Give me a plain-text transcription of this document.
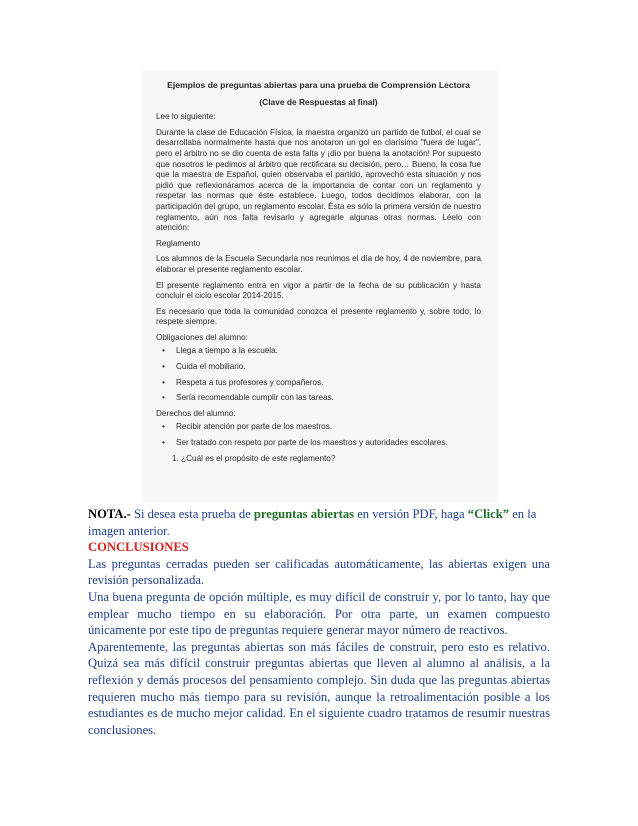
Ejemplos de preguntas abiertas para una prueba de Comprensión Lectora
(Clave de Respuestas al final)

Lee lo siguiente:

Durante la clase de Educación Física, la maestra organizó un partido de futbol, el cual se desarrollaba normalmente hasta que nos anotaron un gol en clarísimo "fuera de lugar", pero el árbitro no se dio cuenta de esta falta y ¡dio por buena la anotación! Por supuesto que nosotros le pedimos al árbitro que rectificara su decisión, pero… Bueno, la cosa fue que la maestra de Español, quien observaba el partido, aprovechó esta situación y nos pidió que reflexionáramos acerca de la importancia de contar con un reglamento y respetar las normas que éste establece. Luego, todos decidimos elaborar, con la participación del grupo, un reglamento escolar. Ésta es sólo la primera versión de nuestro reglamento, aún nos falta revisarlo y agregarle algunas otras normas. Léelo con atención:

Reglamento

Los alumnos de la Escuela Secundaria nos reunimos el día de hoy, 4 de noviembre, para elaborar el presente reglamento escolar.

El presente reglamento entra en vigor a partir de la fecha de su publicación y hasta concluir el ciclo escolar 2014-2015.

Es necesario que toda la comunidad conozca el presente reglamento y, sobre todo, lo respete siempre.

Obligaciones del alumno:

• Llega a tiempo a la escuela.
• Cuida el mobiliario.
• Respeta a tus profesores y compañeros.
• Sería recomendable cumplir con las tareas.

Derechos del alumno:

• Recibir atención por parte de los maestros.
• Ser tratado con respeto por parte de los maestros y autoridades escolares.

1. ¿Cuál es el propósito de este reglamento?

NOTA.- Si desea esta prueba de preguntas abiertas en versión PDF, haga “Click” en la imagen anterior.

CONCLUSIONES

Las preguntas cerradas pueden ser calificadas automáticamente, las abiertas exigen una revisión personalizada.

Una buena pregunta de opción múltiple, es muy difícil de construir y, por lo tanto, hay que emplear mucho tiempo en su elaboración. Por otra parte, un examen compuesto únicamente por este tipo de preguntas requiere generar mayor número de reactivos.

Aparentemente, las preguntas abiertas son más fáciles de construir, pero esto es relativo. Quizá sea más difícil construir preguntas abiertas que lleven al alumno al análisis, a la reflexión y demás procesos del pensamiento complejo. Sin duda que las preguntas abiertas requieren mucho más tiempo para su revisión, aunque la retroalimentación posible a los estudiantes es de mucho mejor calidad. En el siguiente cuadro tratamos de resumir nuestras conclusiones.
